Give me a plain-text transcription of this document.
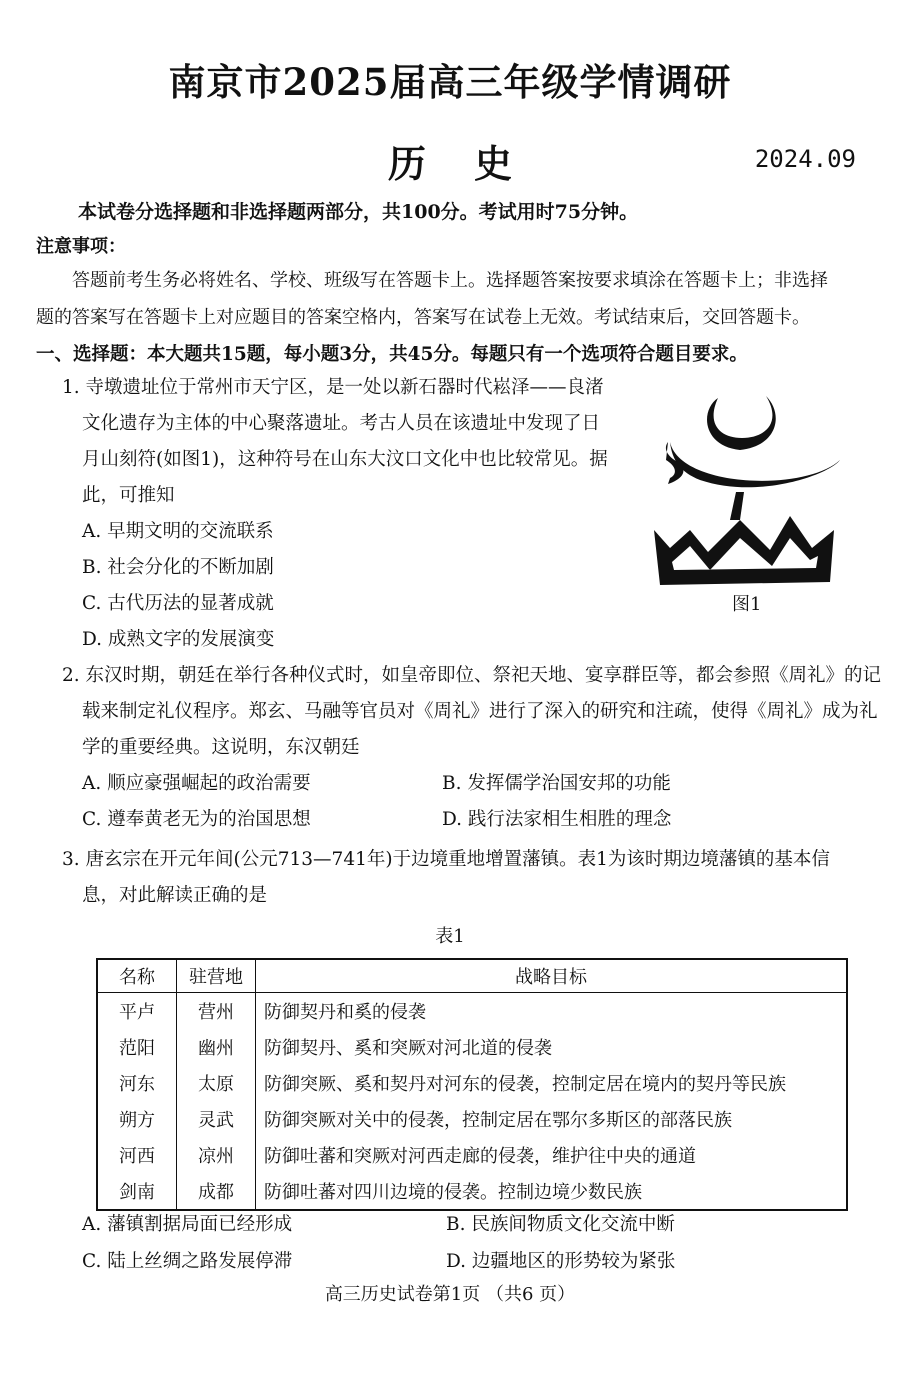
南京市2025届高三年级学情调研
历史	2024.09
本试卷分选择题和非选择题两部分，共100分。考试用时75分钟。
注意事项：
答题前考生务必将姓名、学校、班级写在答题卡上。选择题答案按要求填涂在答题卡上；非选择
题的答案写在答题卡上对应题目的答案空格内，答案写在试卷上无效。考试结束后，交回答题卡。
一、选择题：本大题共15题，每小题3分，共45分。每题只有一个选项符合题目要求。
1. 寺墩遗址位于常州市天宁区，是一处以新石器时代崧泽——良渚
文化遗存为主体的中心聚落遗址。考古人员在该遗址中发现了日
月山刻符(如图1)，这种符号在山东大汶口文化中也比较常见。据
此，可推知
A. 早期文明的交流联系
B. 社会分化的不断加剧
C. 古代历法的显著成就
D. 成熟文字的发展演变
图1
2. 东汉时期，朝廷在举行各种仪式时，如皇帝即位、祭祀天地、宴享群臣等，都会参照《周礼》的记
载来制定礼仪程序。郑玄、马融等官员对《周礼》进行了深入的研究和注疏，使得《周礼》成为礼
学的重要经典。这说明，东汉朝廷
A. 顺应豪强崛起的政治需要	B. 发挥儒学治国安邦的功能
C. 遵奉黄老无为的治国思想	D. 践行法家相生相胜的理念
3. 唐玄宗在开元年间(公元713—741年)于边境重地增置藩镇。表1为该时期边境藩镇的基本信
息，对此解读正确的是
表1
名称	驻营地	战略目标
平卢	营州	防御契丹和奚的侵袭
范阳	幽州	防御契丹、奚和突厥对河北道的侵袭
河东	太原	防御突厥、奚和契丹对河东的侵袭，控制定居在境内的契丹等民族
朔方	灵武	防御突厥对关中的侵袭，控制定居在鄂尔多斯区的部落民族
河西	凉州	防御吐蕃和突厥对河西走廊的侵袭，维护往中央的通道
剑南	成都	防御吐蕃对四川边境的侵袭。控制边境少数民族
A. 藩镇割据局面已经形成	B. 民族间物质文化交流中断
C. 陆上丝绸之路发展停滞	D. 边疆地区的形势较为紧张
高三历史试卷第1页 （共6 页）
